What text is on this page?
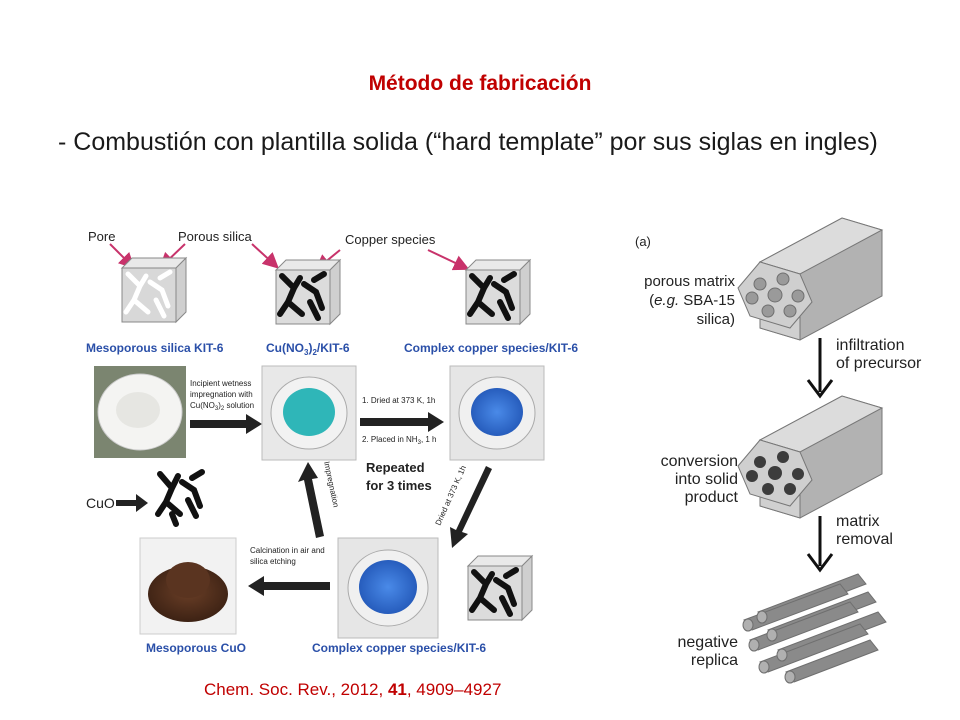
Método de fabricación
- Combustión con plantilla solida (“hard template” por sus siglas en ingles)
Chem. Soc. Rev., 2012, 41, 4909–4927
Pore	Porous silica	Copper species
Mesoporous silica KIT-6	$Cu(NO_3)_2/KIT-6$	Complex copper species/KIT-6
Incipient wetness
impregnation with
$Cu(NO_3)_2$ solution
1. Dried at 373 K, 1h
2. Placed in $NH_3$, 1 h
Repeated
for 3 times
Impregnation	Dried at 373 K, 1h
CuO
Calcination in air and
silica etching
Mesoporous CuO	Complex copper species/KIT-6
(a)
porous matrix
(e.g. SBA-15
silica)
infiltration
of precursor
conversion
into solid
product
matrix
removal
negative
replica
